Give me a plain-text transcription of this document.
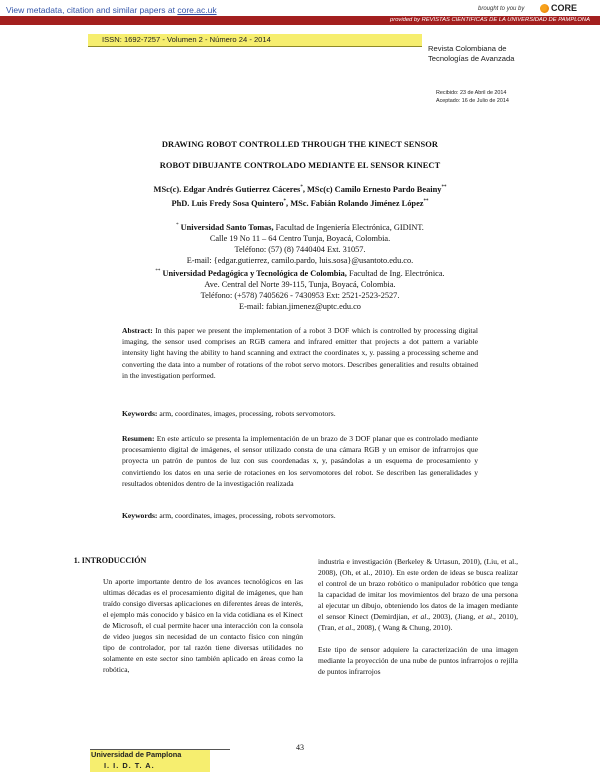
View metadata, citation and similar papers at core.ac.uk	brought to you by	CORE
provided by REVISTAS CIENTIFICAS DE LA UNIVERSIDAD DE PAMPLONA
ISSN: 1692-7257 - Volumen 2 - Número 24 - 2014
Revista Colombiana de
Tecnologías de Avanzada
Recibido: 23 de Abril de 2014
Aceptado: 16 de Julio de 2014
DRAWING ROBOT CONTROLLED THROUGH THE KINECT SENSOR
ROBOT DIBUJANTE CONTROLADO MEDIANTE EL SENSOR KINECT
MSc(c). Edgar Andrés Gutierrez Cáceres*, MSc(c) Camilo Ernesto Pardo Beainy**
PhD. Luis Fredy Sosa Quintero*, MSc. Fabián Rolando Jiménez López**
* Universidad Santo Tomas, Facultad de Ingeniería Electrónica, GIDINT.
Calle 19 No 11 – 64 Centro Tunja, Boyacá, Colombia.
Teléfono: (57) (8) 7440404 Ext. 31057.
E-mail: {edgar.gutierrez, camilo.pardo, luis.sosa}@usantoto.edu.co.
** Universidad Pedagógica y Tecnológica de Colombia, Facultad de Ing. Electrónica.
Ave. Central del Norte 39-115, Tunja, Boyacá, Colombia.
Teléfono: (+578) 7405626 - 7430953 Ext: 2521-2523-2527.
E-mail: fabian.jimenez@uptc.edu.co
Abstract: In this paper we present the implementation of a robot 3 DOF which is controlled by processing digital imaging, the sensor used comprises an RGB camera and infrared emitter that projects a dot pattern a variable intensity light having the ability to hand scanning and extract the coordinates x, y. passing a processing scheme and converting the data into a number of rotations of the robot servo motors. Describes generalities and results obtained in the investigation performed.
Keywords: arm, coordinates, images, processing, robots servomotors.
Resumen: En este artículo se presenta la implementación de un brazo de 3 DOF planar que es controlado mediante procesamiento digital de imágenes, el sensor utilizado consta de una cámara RGB y un emisor de infrarrojos que proyecta un patrón de puntos de luz con sus coordenadas x, y, pasándolas a un esquema de procesamiento y convirtiendo los datos en una serie de rotaciones en los servomotores del robot. Se describen las generalidades y resultados obtenidos dentro de la investigación realizada
Keywords: arm, coordinates, images, processing, robots servomotors.
1. INTRODUCCIÓN
Un aporte importante dentro de los avances tecnológicos en las ultimas décadas es el procesamiento digital de imágenes, que han traído consigo diversas aplicaciones en diferentes áreas de interés, el ejemplo más conocido y básico en la vida cotidiana es el Kinect de Microsoft, el cual permite hacer una interacción con la consola de video juegos sin necesidad de un contacto físico con ningún tipo de controlador, por tal razón tiene diversas utilidades no solamente en este sector sino también aplicado en áreas como la robótica,
industria e investigación (Berkeley & Urtasun, 2010), (Liu, et al., 2008), (Oh, et al., 2010). En este orden de ideas se busca realizar el control de un brazo robótico o manipulador robótico que tenga la capacidad de imitar los movimientos del brazo de una persona al ejecutar un dibujo, obteniendo los datos de la imagen mediante el sensor Kinect (Demirdjian, et al., 2003), (Jiang, et al., 2010), (Tran, et al., 2008), ( Wang & Chung, 2010).
Este tipo de sensor adquiere la caracterización de una imagen mediante la proyección de una nube de puntos infrarrojos o rejilla de puntos infrarrojos
43
Universidad de Pamplona
I. I. D. T. A.
